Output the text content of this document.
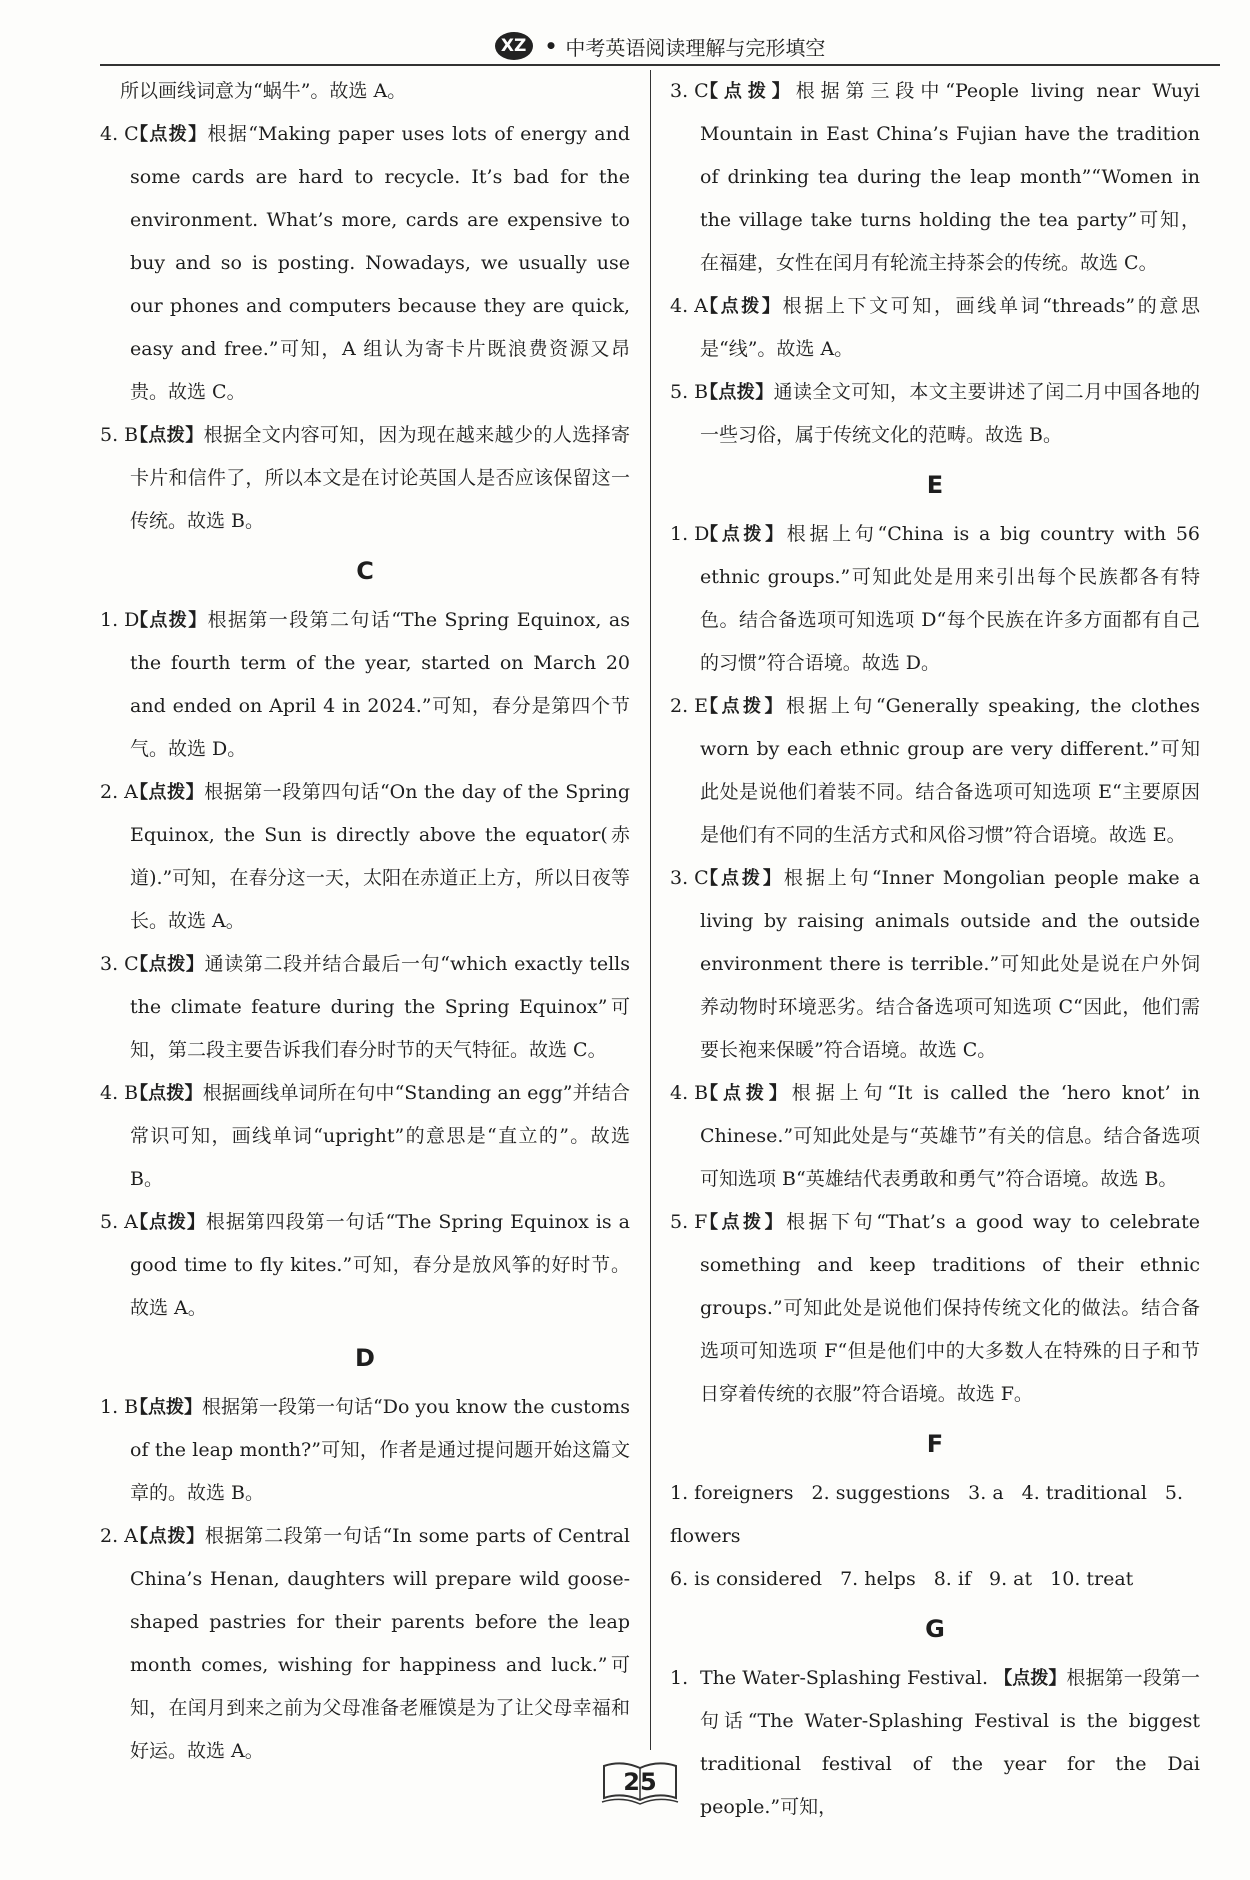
XZ • 中考英语阅读理解与完形填空
所以画线词意为“蜗牛”。故选 A。
4. C
【点拨】根据“Making paper uses lots of energy and some cards are hard to recycle. It’s bad for the environment. What’s more, cards are expensive to buy and so is posting. Nowadays, we usually use our phones and computers because they are quick, easy and free.”可知，A 组认为寄卡片既浪费资源又昂贵。故选 C。
5. B
【点拨】根据全文内容可知，因为现在越来越少的人选择寄卡片和信件了，所以本文是在讨论英国人是否应该保留这一传统。故选 B。
C
1. D
【点拨】根据第一段第二句话“The Spring Equinox, as the fourth term of the year, started on March 20 and ended on April 4 in 2024.”可知，春分是第四个节气。故选 D。
2. A
【点拨】根据第一段第四句话“On the day of the Spring Equinox, the Sun is directly above the equator(赤道).”可知，在春分这一天，太阳在赤道正上方，所以日夜等长。故选 A。
3. C
【点拨】通读第二段并结合最后一句“which exactly tells the climate feature during the Spring Equinox”可知，第二段主要告诉我们春分时节的天气特征。故选 C。
4. B
【点拨】根据画线单词所在句中“Standing an egg”并结合常识可知，画线单词“upright”的意思是“直立的”。故选 B。
5. A
【点拨】根据第四段第一句话“The Spring Equinox is a good time to fly kites.”可知，春分是放风筝的好时节。故选 A。
D
1. B
【点拨】根据第一段第一句话“Do you know the customs of the leap month?”可知，作者是通过提问题开始这篇文章的。故选 B。
2. A
【点拨】根据第二段第一句话“In some parts of Central China’s Henan, daughters will prepare wild goose-shaped pastries for their parents before the leap month comes, wishing for happiness and luck.”可知，在闰月到来之前为父母准备老雁馍是为了让父母幸福和好运。故选 A。
3. C
【点拨】根据第三段中“People living near Wuyi Mountain in East China’s Fujian have the tradition of drinking tea during the leap month”“Women in the village take turns holding the tea party”可知，在福建，女性在闰月有轮流主持茶会的传统。故选 C。
4. A
【点拨】根据上下文可知，画线单词“threads”的意思是“线”。故选 A。
5. B
【点拨】通读全文可知，本文主要讲述了闰二月中国各地的一些习俗，属于传统文化的范畴。故选 B。
E
1. D
【点拨】根据上句“China is a big country with 56 ethnic groups.”可知此处是用来引出每个民族都各有特色。结合备选项可知选项 D“每个民族在许多方面都有自己的习惯”符合语境。故选 D。
2. E
【点拨】根据上句“Generally speaking, the clothes worn by each ethnic group are very different.”可知此处是说他们着装不同。结合备选项可知选项 E“主要原因是他们有不同的生活方式和风俗习惯”符合语境。故选 E。
3. C
【点拨】根据上句“Inner Mongolian people make a living by raising animals outside and the outside environment there is terrible.”可知此处是说在户外饲养动物时环境恶劣。结合备选项可知选项 C“因此，他们需要长袍来保暖”符合语境。故选 C。
4. B
【点拨】根据上句“It is called the ‘hero knot’ in Chinese.”可知此处是与“英雄节”有关的信息。结合备选项可知选项 B“英雄结代表勇敢和勇气”符合语境。故选 B。
5. F
【点拨】根据下句“That’s a good way to celebrate something and keep traditions of their ethnic groups.”可知此处是说他们保持传统文化的做法。结合备选项可知选项 F“但是他们中的大多数人在特殊的日子和节日穿着传统的衣服”符合语境。故选 F。
F
1. foreigners 2. suggestions 3. a 4. traditional 5. flowers
6. is considered 7. helps 8. if 9. at 10. treat
G
1. The Water-Splashing Festival. 【点拨】根据第一段第一句话“The Water-Splashing Festival is the biggest traditional festival of the year for the Dai people.”可知，
25
